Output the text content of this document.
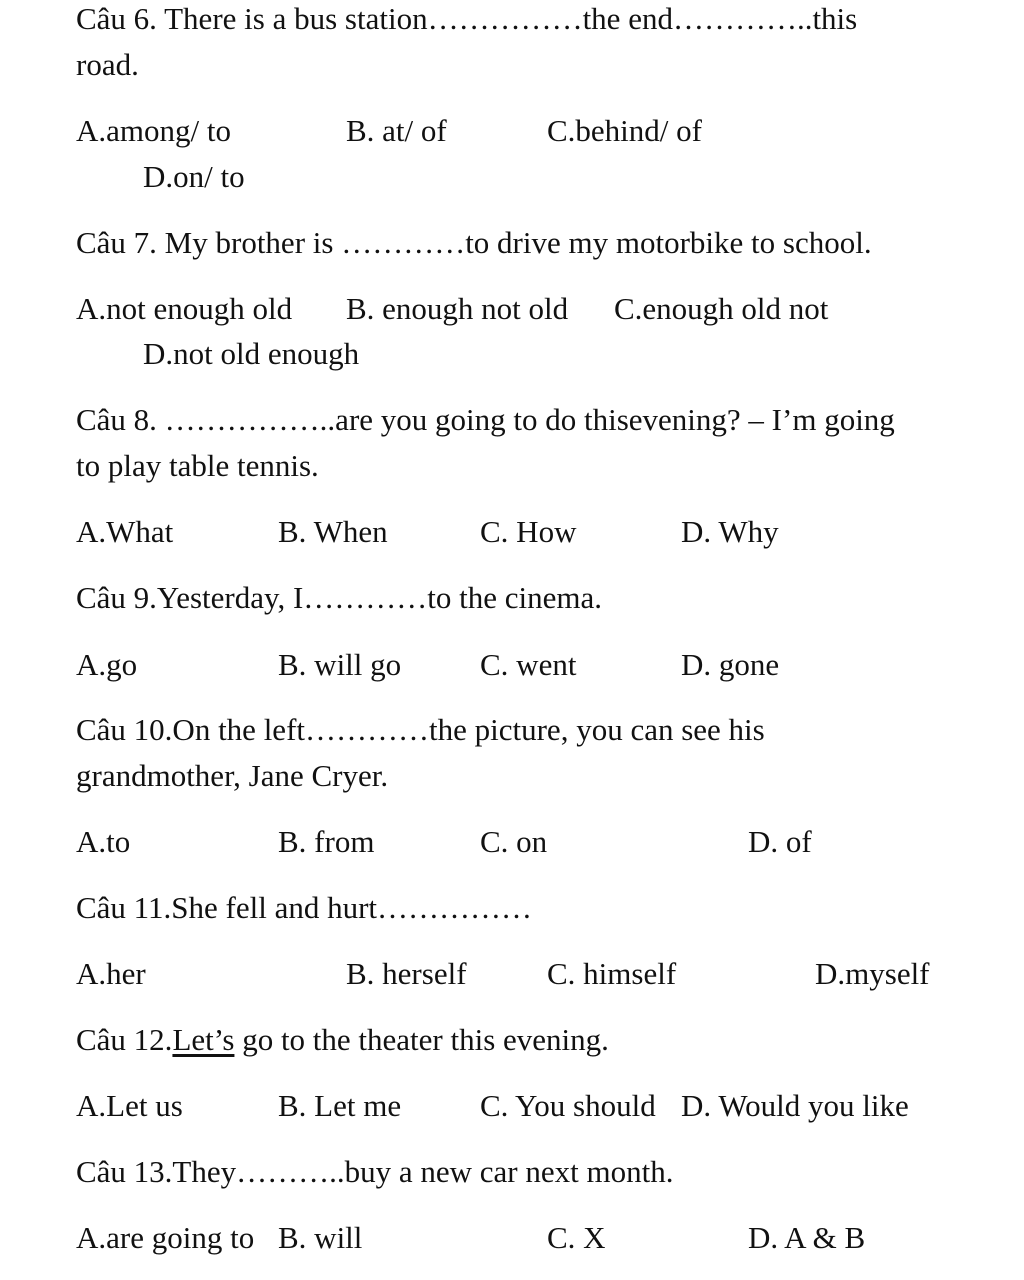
Câu 6. There is a bus station……………the end…………..this
road.
A.among/ to	B. at/ of	C.behind/ of
D.on/ to
Câu 7. My brother is …………to drive my motorbike to school.
A.not enough old B. enough not old C.enough old not
D.not old enough
Câu 8. ……………..are you going to do thisevening? – I’m going
to play table tennis.
A.What	B. When	C. How	D. Why
Câu 9.Yesterday, I…………to the cinema.
A.go	B. will go	C. went	D. gone
Câu 10.On the left…………the picture, you can see his
grandmother, Jane Cryer.
A.to	B. from	C. on	D. of
Câu 11.She fell and hurt……………
A.her	B. herself	C. himself	D.myself
Câu 12.Let’s go to the theater this evening.
A.Let us	B. Let me	C. You should D. Would you like
Câu 13.They………..buy a new car next month.
A.are going to B. will	C. X	D. A & B
